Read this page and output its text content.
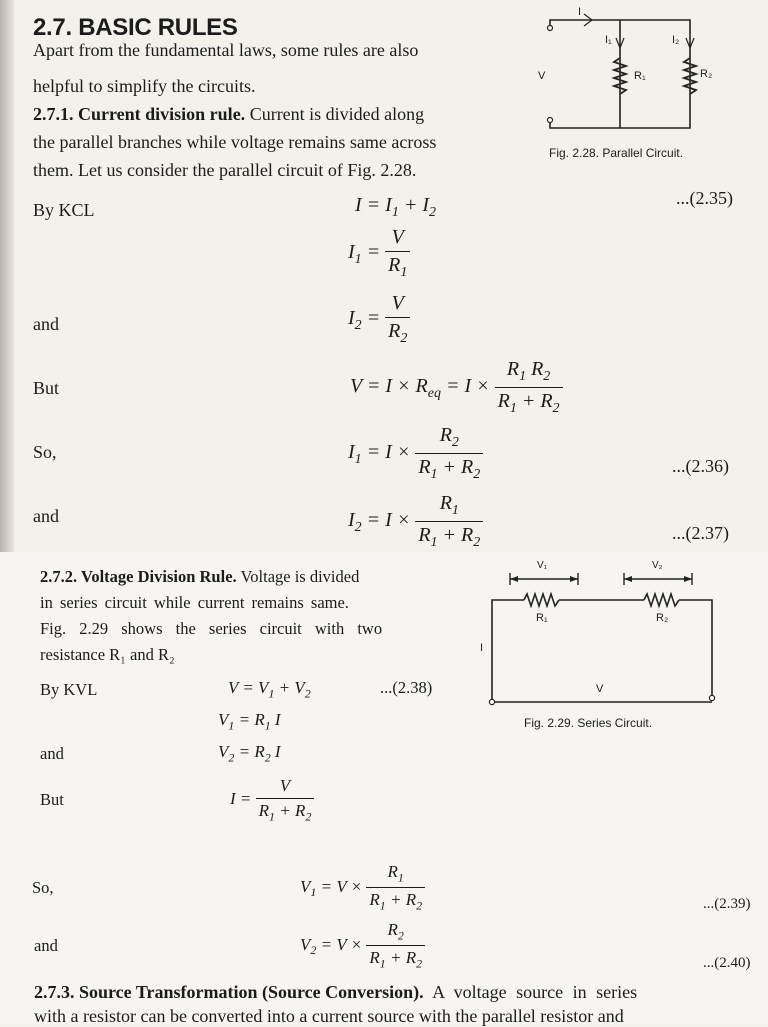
2.7. BASIC RULES
Apart from the fundamental laws, some rules are also
helpful to simplify the circuits.
2.7.1. Current division rule. Current is divided along
the parallel branches while voltage remains same across
them. Let us consider the parallel circuit of Fig. 2.28.
I
I₁	I₂
V	R₁	R₂
Fig. 2.28. Parallel Circuit.
By KCL	$I = I_1 + I_2$
...(2.35)
$I_1 = \frac{V}{R_1}$
and	$I_2 = \frac{V}{R_2}$
But	$V = I \times R_{eq} = I \times \frac{R_1 R_2}{R_1 + R_2}$
So,	$I_1 = I \times \frac{R_2}{R_1 + R_2}$	...(2.36)
and	$I_2 = I \times \frac{R_1}{R_1 + R_2}$	...(2.37)
2.7.2. Voltage Division Rule. Voltage is divided
in series circuit while current remains same.
Fig. 2.29 shows the series circuit with two
resistance R₁ and R₂
V₁	V₂
R₁	R₂
I
V
Fig. 2.29. Series Circuit.
By KVL	$V = V_1 + V_2$	...(2.38)
$V_1 = R_1$ I
and	$V_2 = R_2$ I
But	$I = \frac{V}{R_1 + R_2}$
So,	$V_1 = V \times \frac{R_1}{R_1 + R_2}$	...(2.39)
and	$V_2 = V \times \frac{R_2}{R_1 + R_2}$	...(2.40)
2.7.3. Source Transformation (Source Conversion). A voltage source in series
with a resistor can be converted into a current source with the parallel resistor and
